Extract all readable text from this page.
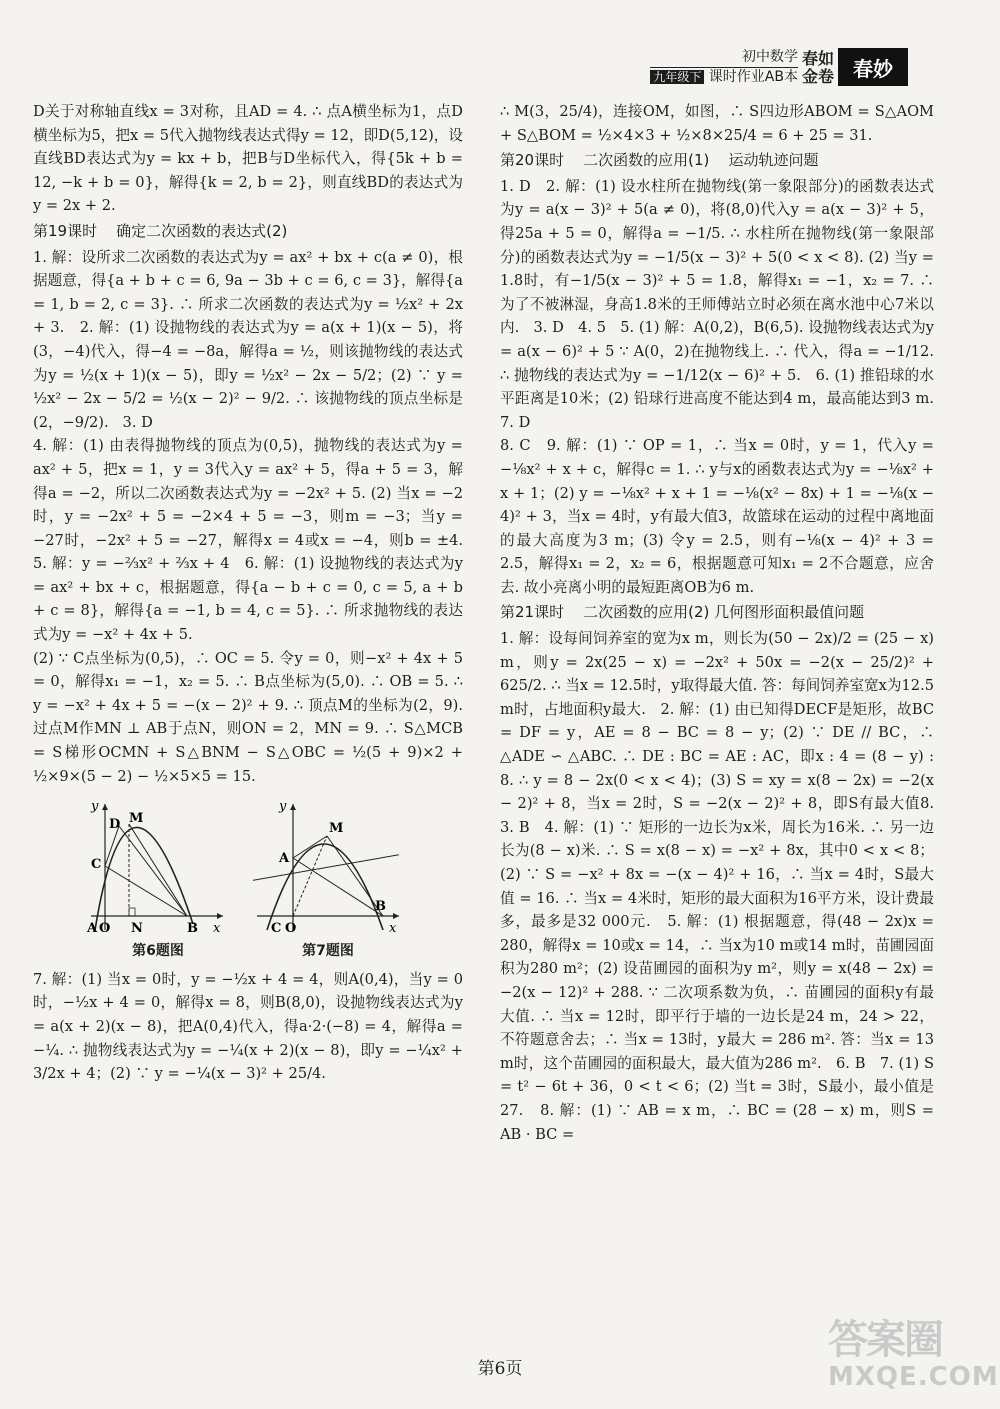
初中数学
九年级下 课时作业AB本
春如
金卷 春妙

D关于对称轴直线x = 3对称，且AD = 4. ∴ 点A横坐标为1，点D横坐标为5，把x = 5代入抛物线表达式得y = 12，即D(5,12)，设直线BD表达式为y = kx + b，把B与D坐标代入，得{5k + b = 12, −k + b = 0}，解得{k = 2, b = 2}，则直线BD的表达式为y = 2x + 2.

第19课时    确定二次函数的表达式(2)

1. 解：设所求二次函数的表达式为y = ax² + bx + c(a ≠ 0)，根据题意，得{a + b + c = 6, 9a − 3b + c = 6, c = 3}，解得{a = 1, b = 2, c = 3}. ∴ 所求二次函数的表达式为y = ½x² + 2x + 3.   2. 解：(1) 设抛物线的表达式为y = a(x + 1)(x − 5)，将(3，−4)代入，得−4 = −8a，解得a = ½，则该抛物线的表达式为y = ½(x + 1)(x − 5)，即y = ½x² − 2x − 5/2；(2) ∵ y = ½x² − 2x − 5/2 = ½(x − 2)² − 9/2. ∴ 该抛物线的顶点坐标是(2，−9/2).   3. D

4. 解：(1) 由表得抛物线的顶点为(0,5)，抛物线的表达式为y = ax² + 5，把x = 1，y = 3代入y = ax² + 5，得a + 5 = 3，解得a = −2，所以二次函数表达式为y = −2x² + 5. (2) 当x = −2时，y = −2x² + 5 = −2×4 + 5 = −3，则m = −3；当y = −27时，−2x² + 5 = −27，解得x = 4或x = −4，则b = ±4.   5. 解：y = −⅔x² + ⅔x + 4   6. 解：(1) 设抛物线的表达式为y = ax² + bx + c，根据题意，得{a − b + c = 0, c = 5, a + b + c = 8}，解得{a = −1, b = 4, c = 5}. ∴ 所求抛物线的表达式为y = −x² + 4x + 5.

(2) ∵ C点坐标为(0,5)，∴ OC = 5. 令y = 0，则−x² + 4x + 5 = 0，解得x₁ = −1，x₂ = 5. ∴ B点坐标为(5,0). ∴ OB = 5. ∴ y = −x² + 4x + 5 = −(x − 2)² + 9. ∴ 顶点M的坐标为(2，9). 过点M作MN ⊥ AB于点N，则ON = 2，MN = 9. ∴ S△MCB = S梯形OCMN + S△BNM − S△OBC = ½(5 + 9)×2 + ½×9×(5 − 2) − ½×5×5 = 15.

y
D M
C
A O N	B x
第6题图
y
M
A
C O
B
x
第7题图

7. 解：(1) 当x = 0时，y = −½x + 4 = 4，则A(0,4)，当y = 0时，−½x + 4 = 0，解得x = 8，则B(8,0)，设抛物线表达式为y = a(x + 2)(x − 8)，把A(0,4)代入，得a·2·(−8) = 4，解得a = −¼. ∴ 抛物线表达式为y = −¼(x + 2)(x − 8)，即y = −¼x² + 3/2x + 4；(2) ∵ y = −¼(x − 3)² + 25/4.

∴ M(3，25/4)，连接OM，如图，∴ S四边形ABOM = S△AOM + S△BOM = ½×4×3 + ½×8×25/4 = 6 + 25 = 31.

第20课时    二次函数的应用(1)    运动轨迹问题

1. D   2. 解：(1) 设水柱所在抛物线(第一象限部分)的函数表达式为y = a(x − 3)² + 5(a ≠ 0)，将(8,0)代入y = a(x − 3)² + 5，得25a + 5 = 0，解得a = −1/5. ∴ 水柱所在抛物线(第一象限部分)的函数表达式为y = −1/5(x − 3)² + 5(0 < x < 8). (2) 当y = 1.8时，有−1/5(x − 3)² + 5 = 1.8，解得x₁ = −1，x₂ = 7. ∴ 为了不被淋湿，身高1.8米的王师傅站立时必须在离水池中心7米以内.   3. D   4. 5   5. (1) 解：A(0,2)，B(6,5). 设抛物线表达式为y = a(x − 6)² + 5 ∵ A(0，2)在抛物线上. ∴ 代入，得a = −1/12. ∴ 抛物线的表达式为y = −1/12(x − 6)² + 5.   6. (1) 推铅球的水平距离是10米；(2) 铅球行进高度不能达到4 m，最高能达到3 m.   7. D

8. C   9. 解：(1) ∵ OP = 1，∴ 当x = 0时，y = 1，代入y = −⅛x² + x + c，解得c = 1. ∴ y与x的函数表达式为y = −⅛x² + x + 1；(2) y = −⅛x² + x + 1 = −⅛(x² − 8x) + 1 = −⅛(x − 4)² + 3，当x = 4时，y有最大值3，故篮球在运动的过程中离地面的最大高度为3 m；(3) 令y = 2.5，则有−⅛(x − 4)² + 3 = 2.5，解得x₁ = 2，x₂ = 6，根据题意可知x₁ = 2不合题意，应舍去. 故小亮离小明的最短距离OB为6 m.

第21课时    二次函数的应用(2) 几何图形面积最值问题

1. 解：设每间饲养室的宽为x m，则长为(50 − 2x)/2 = (25 − x) m，则y = 2x(25 − x) = −2x² + 50x = −2(x − 25/2)² + 625/2. ∴ 当x = 12.5时，y取得最大值. 答：每间饲养室宽x为12.5 m时，占地面积y最大.   2. 解：(1) 由已知得DECF是矩形，故BC = DF = y，AE = 8 − BC = 8 − y；(2) ∵ DE // BC，∴ △ADE ∽ △ABC. ∴ DE : BC = AE : AC，即x : 4 = (8 − y) : 8. ∴ y = 8 − 2x(0 < x < 4)；(3) S = xy = x(8 − 2x) = −2(x − 2)² + 8，当x = 2时，S = −2(x − 2)² + 8，即S有最大值8.   3. B   4. 解：(1) ∵ 矩形的一边长为x米，周长为16米. ∴ 另一边长为(8 − x)米. ∴ S = x(8 − x) = −x² + 8x，其中0 < x < 8；(2) ∵ S = −x² + 8x = −(x − 4)² + 16，∴ 当x = 4时，S最大值 = 16. ∴ 当x = 4米时，矩形的最大面积为16平方米，设计费最多，最多是32 000元.   5. 解：(1) 根据题意，得(48 − 2x)x = 280，解得x = 10或x = 14，∴ 当x为10 m或14 m时，苗圃园面积为280 m²；(2) 设苗圃园的面积为y m²，则y = x(48 − 2x) = −2(x − 12)² + 288. ∵ 二次项系数为负，∴ 苗圃园的面积y有最大值. ∴ 当x = 12时，即平行于墙的一边长是24 m，24 > 22，不符题意舍去；∴ 当x = 13时，y最大 = 286 m². 答：当x = 13 m时，这个苗圃园的面积最大，最大值为286 m².   6. B   7. (1) S = t² − 6t + 36，0 < t < 6；(2) 当t = 3时，S最小，最小值是27.   8. 解：(1) ∵ AB = x m，∴ BC = (28 − x) m，则S = AB · BC =

第6页
答案圈
MXQE.COM
